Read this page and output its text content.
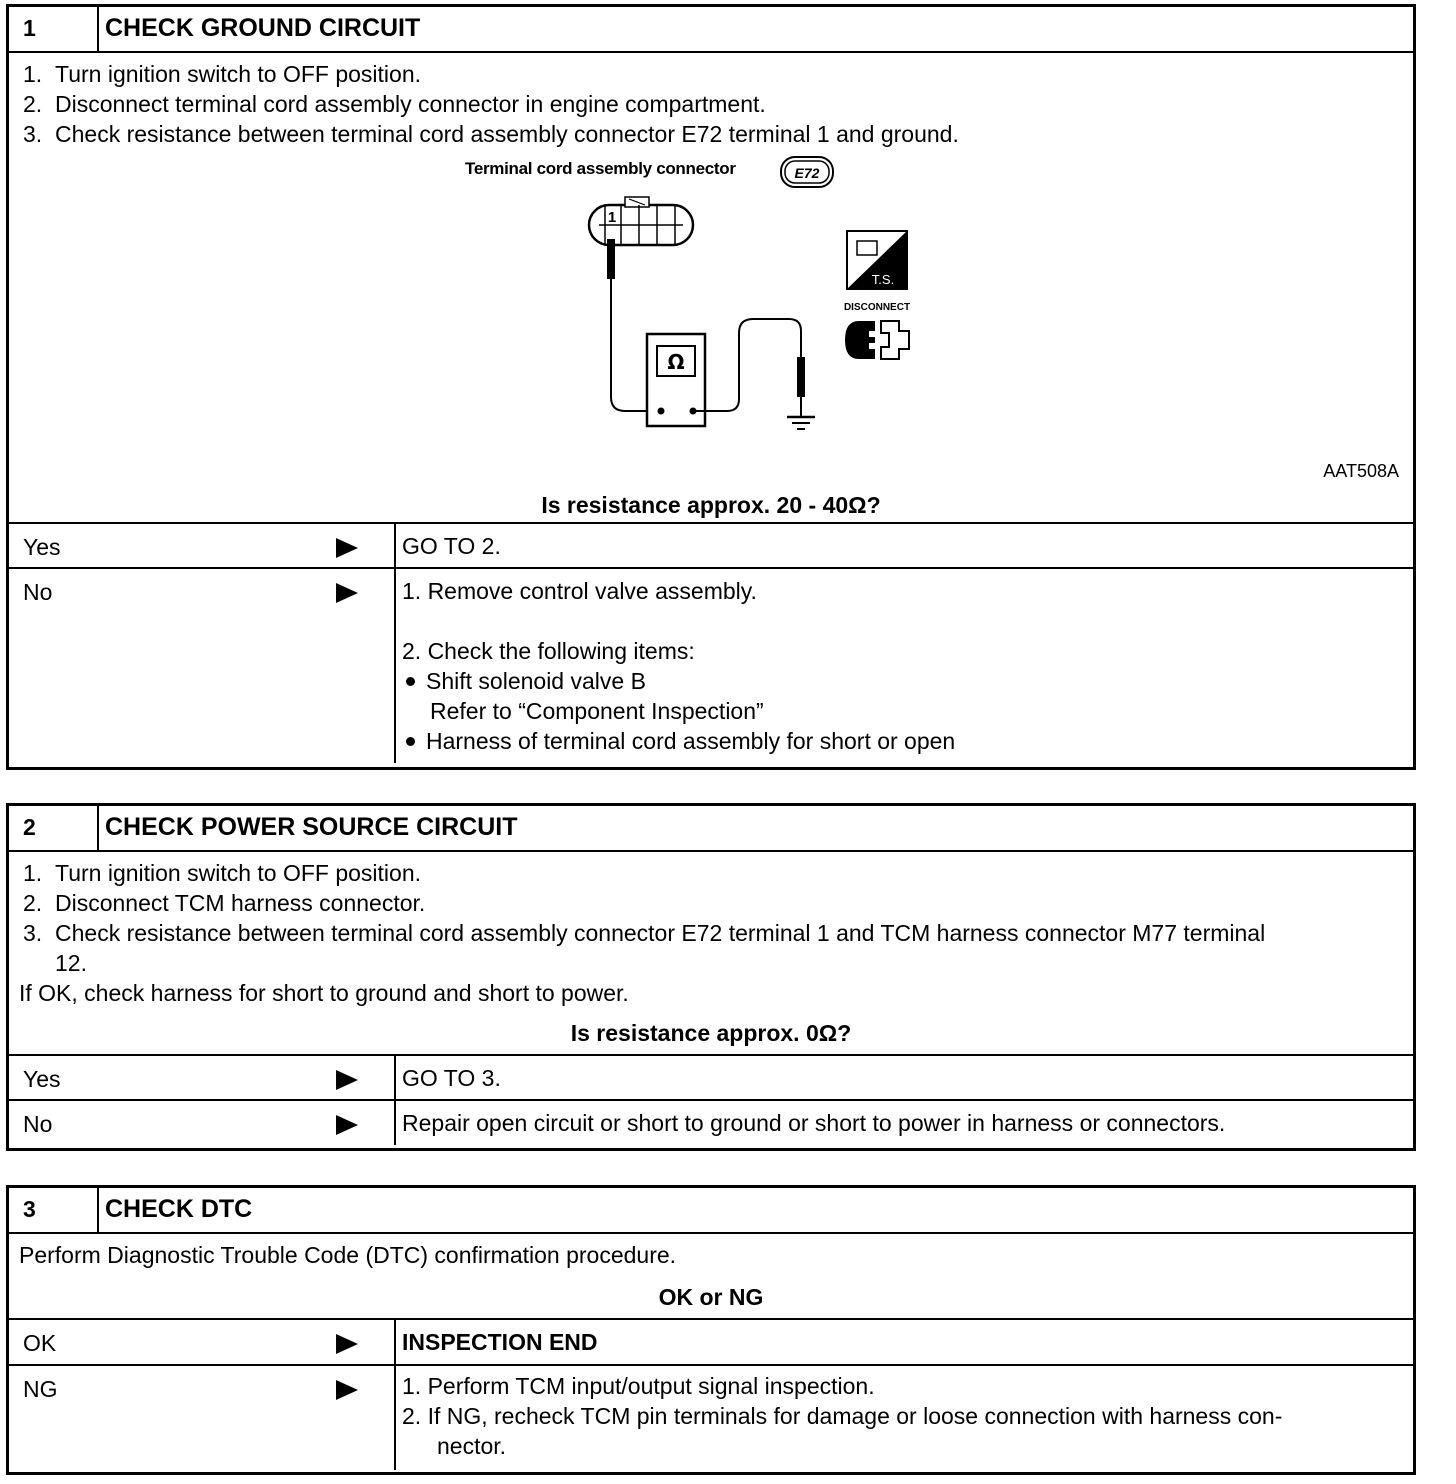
1	CHECK GROUND CIRCUIT
1. Turn ignition switch to OFF position.
2. Disconnect terminal cord assembly connector in engine compartment.
3. Check resistance between terminal cord assembly connector E72 terminal 1 and ground.
Terminal cord assembly connector	E72
1
Ω
T.S.
DISCONNECT
AAT508A
Is resistance approx. 20 - 40Ω?
Yes	GO TO 2.
No	1. Remove control valve assembly.
2. Check the following items:
Shift solenoid valve B
Refer to “Component Inspection”
Harness of terminal cord assembly for short or open
2	CHECK POWER SOURCE CIRCUIT
1. Turn ignition switch to OFF position.
2. Disconnect TCM harness connector.
3. Check resistance between terminal cord assembly connector E72 terminal 1 and TCM harness connector M77 terminal
12.
If OK, check harness for short to ground and short to power.
Is resistance approx. 0Ω?
Yes	GO TO 3.
No	Repair open circuit or short to ground or short to power in harness or connectors.
3	CHECK DTC
Perform Diagnostic Trouble Code (DTC) confirmation procedure.
OK or NG
OK	INSPECTION END
NG	1. Perform TCM input/output signal inspection.
2. If NG, recheck TCM pin terminals for damage or loose connection with harness con-
nector.
